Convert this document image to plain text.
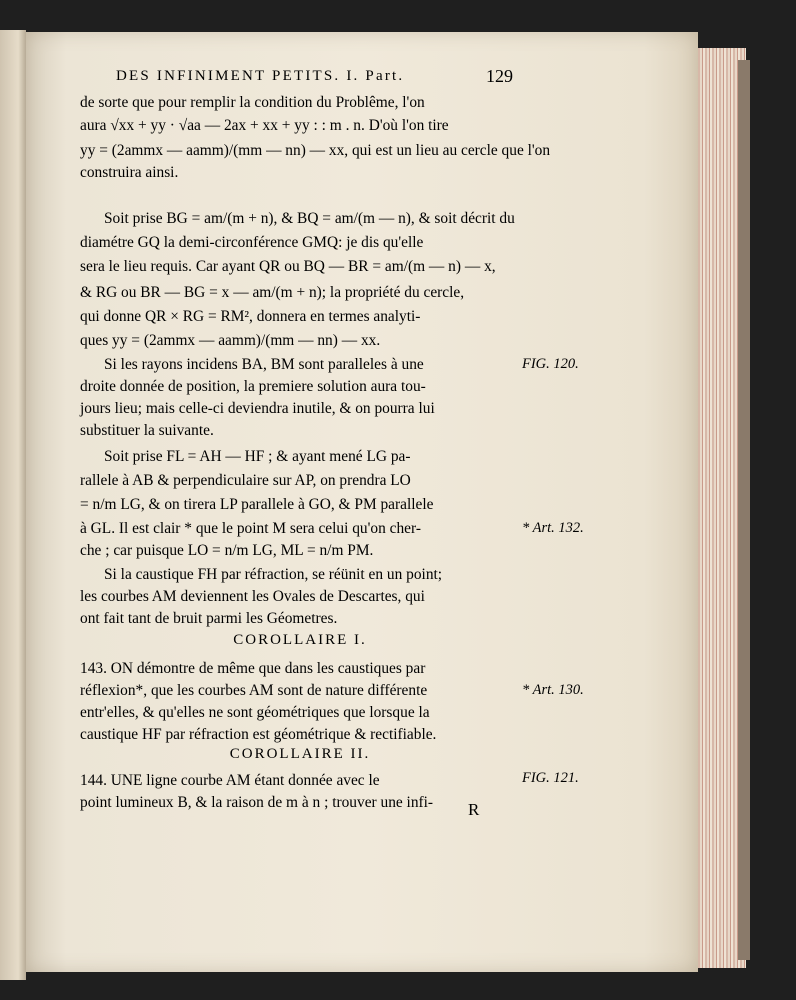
DES INFINIMENT PETITS. I. Part.	129
de sorte que pour remplir la condition du Problême, l'on
aura √xx + yy · √aa — 2ax + xx + yy : : m . n. D'où l'on tire
yy = (2ammx — aamm)/(mm — nn) — xx, qui est un lieu au cercle que l'on
construira ainsi.
Soit prise BG = am/(m + n), & BQ = am/(m — n), & soit décrit du
diamétre GQ la demi-circonférence GMQ: je dis qu'elle
sera le lieu requis. Car ayant QR ou BQ — BR = am/(m — n) — x,
& RG ou BR — BG = x — am/(m + n); la propriété du cercle,
qui donne QR × RG = RM², donnera en termes analyti-
ques yy = (2ammx — aamm)/(mm — nn) — xx.
Si les rayons incidens BA, BM sont paralleles à une
droite donnée de position, la premiere solution aura tou-
jours lieu; mais celle-ci deviendra inutile, & on pourra lui
substituer la suivante.
Soit prise FL = AH — HF ; & ayant mené LG pa-
rallele à AB & perpendiculaire sur AP, on prendra LO
= n/m LG, & on tirera LP parallele à GO, & PM parallele
à GL. Il est clair * que le point M sera celui qu'on cher-
che ; car puisque LO = n/m LG, ML = n/m PM.
Si la caustique FH par réfraction, se réünit en un point;
les courbes AM deviennent les Ovales de Descartes, qui
ont fait tant de bruit parmi les Géometres.
COROLLAIRE I.
143. ON démontre de même que dans les caustiques par
réflexion*, que les courbes AM sont de nature différente
entr'elles, & qu'elles ne sont géométriques que lorsque la
caustique HF par réfraction est géométrique & rectifiable.
COROLLAIRE II.
144. UNE ligne courbe AM étant donnée avec le
point lumineux B, & la raison de m à n ; trouver une infi-
FIG. 120.
* Art. 132.
* Art. 130.
FIG. 121.
R
